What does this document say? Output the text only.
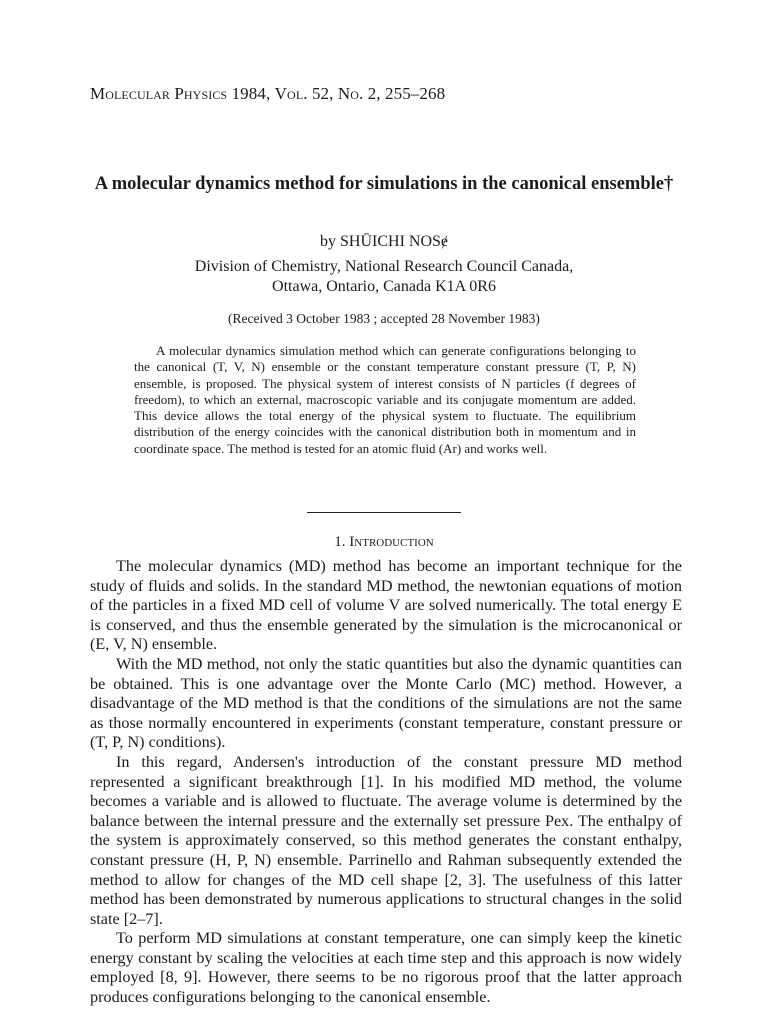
Molecular Physics 1984, Vol. 52, No. 2, 255–268
A molecular dynamics method for simulations in the canonical ensemble†
by SHŪICHI NOSɇ
Division of Chemistry, National Research Council Canada,
Ottawa, Ontario, Canada K1A 0R6
(Received 3 October 1983 ; accepted 28 November 1983)
A molecular dynamics simulation method which can generate configurations belonging to the canonical (T, V, N) ensemble or the constant temperature constant pressure (T, P, N) ensemble, is proposed. The physical system of interest consists of N particles (f degrees of freedom), to which an external, macroscopic variable and its conjugate momentum are added. This device allows the total energy of the physical system to fluctuate. The equilibrium distribution of the energy coincides with the canonical distribution both in momentum and in coordinate space. The method is tested for an atomic fluid (Ar) and works well.
1. Introduction

The molecular dynamics (MD) method has become an important technique for the study of fluids and solids. In the standard MD method, the newtonian equations of motion of the particles in a fixed MD cell of volume V are solved numerically. The total energy E is conserved, and thus the ensemble generated by the simulation is the microcanonical or (E, V, N) ensemble.

With the MD method, not only the static quantities but also the dynamic quantities can be obtained. This is one advantage over the Monte Carlo (MC) method. However, a disadvantage of the MD method is that the conditions of the simulations are not the same as those normally encountered in experiments (constant temperature, constant pressure or (T, P, N) conditions).

In this regard, Andersen's introduction of the constant pressure MD method represented a significant breakthrough [1]. In his modified MD method, the volume becomes a variable and is allowed to fluctuate. The average volume is determined by the balance between the internal pressure and the externally set pressure Pex. The enthalpy of the system is approximately conserved, so this method generates the constant enthalpy, constant pressure (H, P, N) ensemble. Parrinello and Rahman subsequently extended the method to allow for changes of the MD cell shape [2, 3]. The usefulness of this latter method has been demonstrated by numerous applications to structural changes in the solid state [2–7].

To perform MD simulations at constant temperature, one can simply keep the kinetic energy constant by scaling the velocities at each time step and this approach is now widely employed [8, 9]. However, there seems to be no rigorous proof that the latter approach produces configurations belonging to the canonical ensemble.
